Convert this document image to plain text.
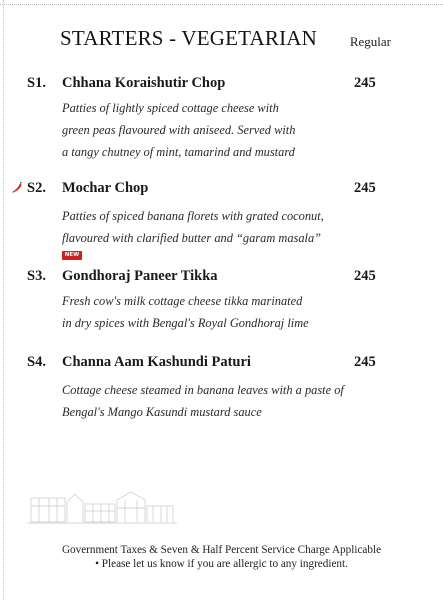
STARTERS - VEGETARIAN	Regular
S1. Chhana Koraishutir Chop	245
Patties of lightly spiced cottage cheese with
green peas flavoured with aniseed. Served with
a tangy chutney of mint, tamarind and mustard
S2. Mochar Chop	245
Patties of spiced banana florets with grated coconut,
flavoured with clarified butter and “garam masala”
NEW
S3. Gondhoraj Paneer Tikka	245
Fresh cow's milk cottage cheese tikka marinated
in dry spices with Bengal's Royal Gondhoraj lime
S4. Channa Aam Kashundi Paturi	245
Cottage cheese steamed in banana leaves with a paste of
Bengal's Mango Kasundi mustard sauce
Government Taxes & Seven & Half Percent Service Charge Applicable
• Please let us know if you are allergic to any ingredient.
